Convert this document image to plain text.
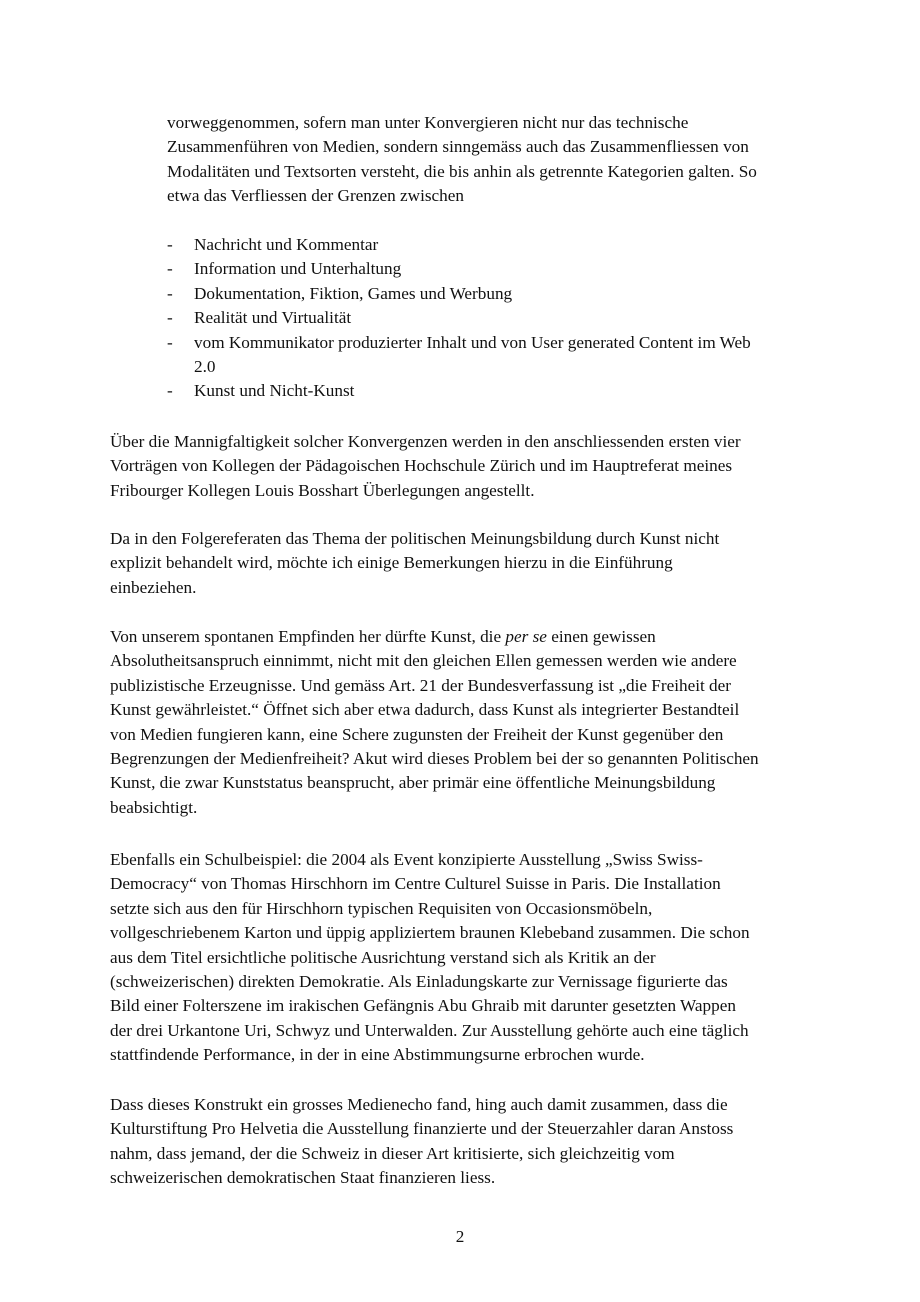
vorweggenommen, sofern man unter Konvergieren nicht nur das technische
Zusammenführen von Medien, sondern sinngemäss auch das Zusammenfliessen von
Modalitäten und Textsorten versteht, die bis anhin als getrennte Kategorien galten. So
etwa das Verfliessen der Grenzen zwischen

- Nachricht und Kommentar
- Information und Unterhaltung
- Dokumentation, Fiktion, Games und Werbung
- Realität und Virtualität
- vom Kommunikator produzierter Inhalt und von User generated Content im Web
2.0
- Kunst und Nicht-Kunst

Über die Mannigfaltigkeit solcher Konvergenzen werden in den anschliessenden ersten vier
Vorträgen von Kollegen der Pädagoischen Hochschule Zürich und im Hauptreferat meines
Fribourger Kollegen Louis Bosshart Überlegungen angestellt.

Da in den Folgereferaten das Thema der politischen Meinungsbildung durch Kunst nicht
explizit behandelt wird, möchte ich einige Bemerkungen hierzu in die Einführung
einbeziehen.

Von unserem spontanen Empfinden her dürfte Kunst, die per se einen gewissen
Absolutheitsanspruch einnimmt, nicht mit den gleichen Ellen gemessen werden wie andere
publizistische Erzeugnisse. Und gemäss Art. 21 der Bundesverfassung ist „die Freiheit der
Kunst gewährleistet.“ Öffnet sich aber etwa dadurch, dass Kunst als integrierter Bestandteil
von Medien fungieren kann, eine Schere zugunsten der Freiheit der Kunst gegenüber den
Begrenzungen der Medienfreiheit? Akut wird dieses Problem bei der so genannten Politischen
Kunst, die zwar Kunststatus beansprucht, aber primär eine öffentliche Meinungsbildung
beabsichtigt.

Ebenfalls ein Schulbeispiel: die 2004 als Event konzipierte Ausstellung „Swiss Swiss-
Democracy“ von Thomas Hirschhorn im Centre Culturel Suisse in Paris. Die Installation
setzte sich aus den für Hirschhorn typischen Requisiten von Occasionsmöbeln,
vollgeschriebenem Karton und üppig appliziertem braunen Klebeband zusammen. Die schon
aus dem Titel ersichtliche politische Ausrichtung verstand sich als Kritik an der
(schweizerischen) direkten Demokratie. Als Einladungskarte zur Vernissage figurierte das
Bild einer Folterszene im irakischen Gefängnis Abu Ghraib mit darunter gesetzten Wappen
der drei Urkantone Uri, Schwyz und Unterwalden. Zur Ausstellung gehörte auch eine täglich
stattfindende Performance, in der in eine Abstimmungsurne erbrochen wurde.

Dass dieses Konstrukt ein grosses Medienecho fand, hing auch damit zusammen, dass die
Kulturstiftung Pro Helvetia die Ausstellung finanzierte und der Steuerzahler daran Anstoss
nahm, dass jemand, der die Schweiz in dieser Art kritisierte, sich gleichzeitig vom
schweizerischen demokratischen Staat finanzieren liess.

2
